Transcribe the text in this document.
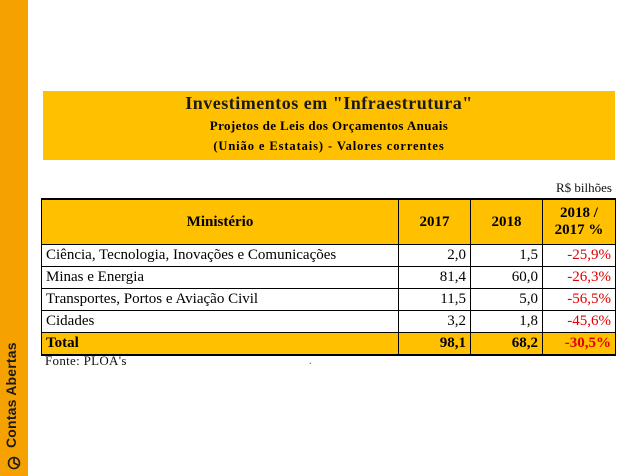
Contas Abertas
Investimentos em "Infraestrutura"
Projetos de Leis dos Orçamentos Anuais
(União e Estatais) - Valores correntes
R$ bilhões
Ministério	2017	2018	2018 /
2017 %
Ciência, Tecnologia, Inovações e Comunicações	2,0	1,5	-25,9%
Minas e Energia	81,4	60,0	-26,3%
Transportes, Portos e Aviação Civil	11,5	5,0	-56,5%
Cidades	3,2	1,8	-45,6%
Total	98,1	68,2	-30,5%
Fonte: PLOA's	.
